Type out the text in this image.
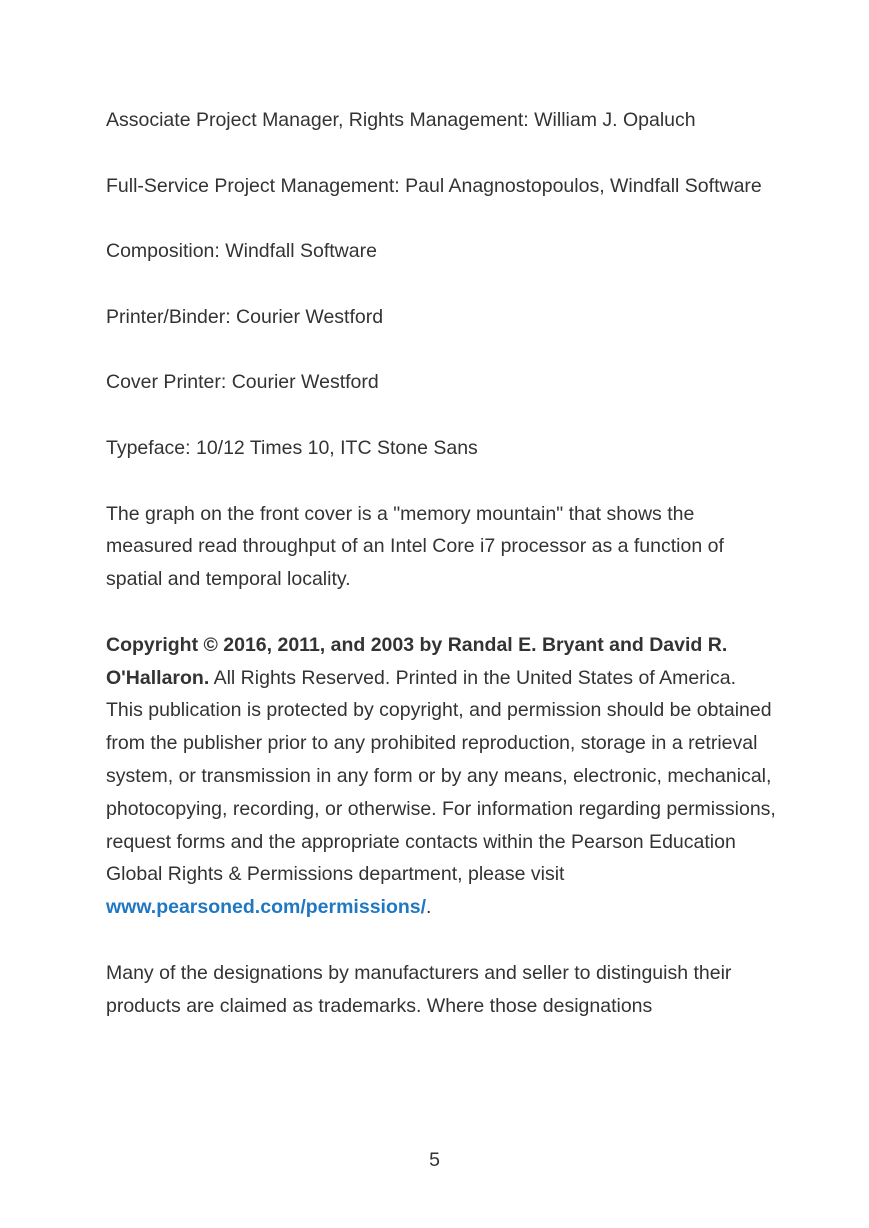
Associate Project Manager, Rights Management: William J. Opaluch

Full-Service Project Management: Paul Anagnostopoulos, Windfall Software

Composition: Windfall Software

Printer/Binder: Courier Westford

Cover Printer: Courier Westford

Typeface: 10/12 Times 10, ITC Stone Sans

The graph on the front cover is a "memory mountain" that shows the measured read throughput of an Intel Core i7 processor as a function of spatial and temporal locality.

Copyright © 2016, 2011, and 2003 by Randal E. Bryant and David R. O'Hallaron. All Rights Reserved. Printed in the United States of America. This publication is protected by copyright, and permission should be obtained from the publisher prior to any prohibited reproduction, storage in a retrieval system, or transmission in any form or by any means, electronic, mechanical, photocopying, recording, or otherwise. For information regarding permissions, request forms and the appropriate contacts within the Pearson Education Global Rights & Permissions department, please visit www.pearsoned.com/permissions/.

Many of the designations by manufacturers and seller to distinguish their products are claimed as trademarks. Where those designations

5
